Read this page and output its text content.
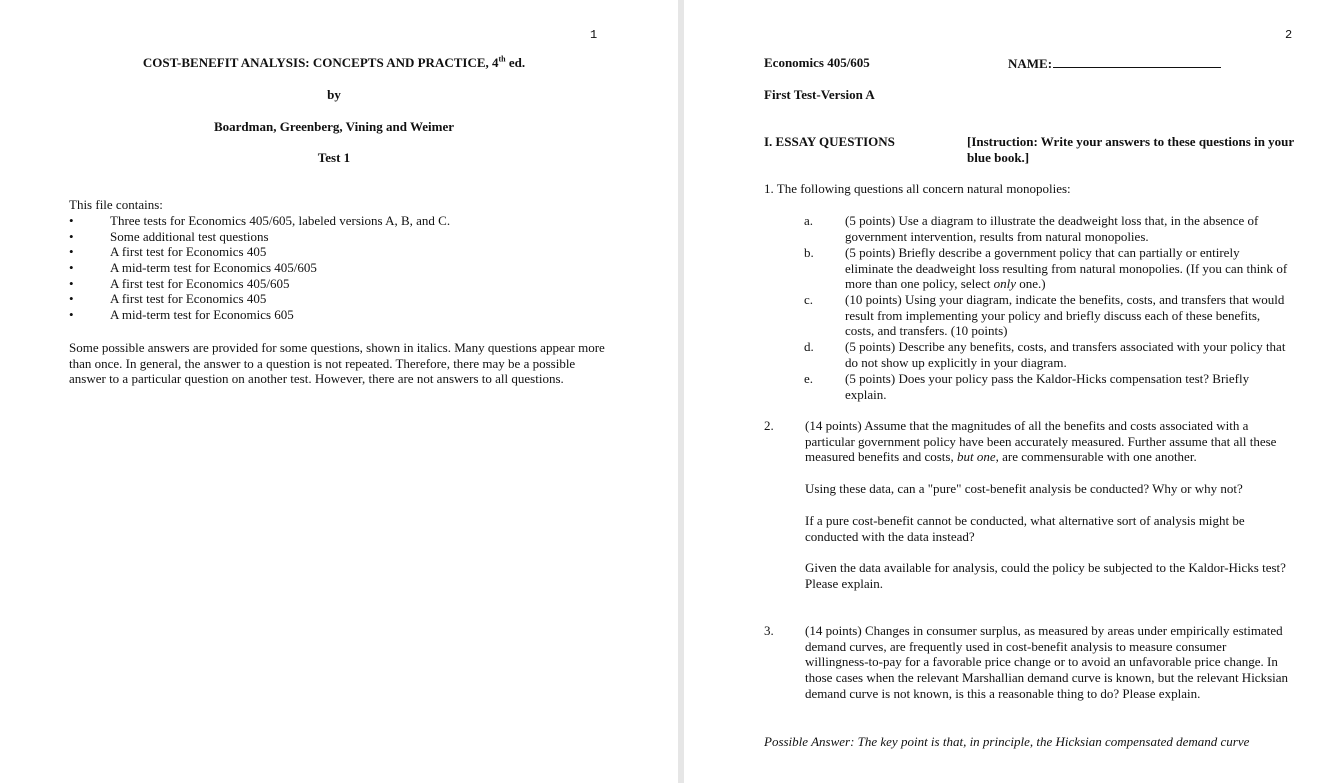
1
COST-BENEFIT ANALYSIS: CONCEPTS AND PRACTICE, 4th ed.
by
Boardman, Greenberg, Vining and Weimer
Test 1
This file contains:
•	Three tests for Economics 405/605, labeled versions A, B, and C.
•	Some additional test questions
•	A first test for Economics 405
•	A mid-term test for Economics 405/605
•	A first test for Economics 405/605
•	A first test for Economics 405
•	A mid-term test for Economics 605
Some possible answers are provided for some questions, shown in italics. Many questions appear more than once. In general, the answer to a question is not repeated. Therefore, there may be a possible answer to a particular question on another test. However, there are not answers to all questions.
2
Economics 405/605	NAME:
First Test-Version A
I. ESSAY QUESTIONS	[Instruction: Write your answers to these questions in your blue book.]
1. The following questions all concern natural monopolies:
a. (5 points) Use a diagram to illustrate the deadweight loss that, in the absence of government intervention, results from natural monopolies.
b. (5 points) Briefly describe a government policy that can partially or entirely eliminate the deadweight loss resulting from natural monopolies. (If you can think of more than one policy, select only one.)
c. (10 points) Using your diagram, indicate the benefits, costs, and transfers that would result from implementing your policy and briefly discuss each of these benefits, costs, and transfers. (10 points)
d. (5 points) Describe any benefits, costs, and transfers associated with your policy that do not show up explicitly in your diagram.
e. (5 points) Does your policy pass the Kaldor-Hicks compensation test? Briefly explain.
2. (14 points) Assume that the magnitudes of all the benefits and costs associated with a particular government policy have been accurately measured. Further assume that all these measured benefits and costs, but one, are commensurable with one another.
Using these data, can a "pure" cost-benefit analysis be conducted? Why or why not?
If a pure cost-benefit cannot be conducted, what alternative sort of analysis might be conducted with the data instead?
Given the data available for analysis, could the policy be subjected to the Kaldor-Hicks test? Please explain.
3. (14 points) Changes in consumer surplus, as measured by areas under empirically estimated demand curves, are frequently used in cost-benefit analysis to measure consumer willingness-to-pay for a favorable price change or to avoid an unfavorable price change. In those cases when the relevant Marshallian demand curve is known, but the relevant Hicksian demand curve is not known, is this a reasonable thing to do? Please explain.
Possible Answer: The key point is that, in principle, the Hicksian compensated demand curve
